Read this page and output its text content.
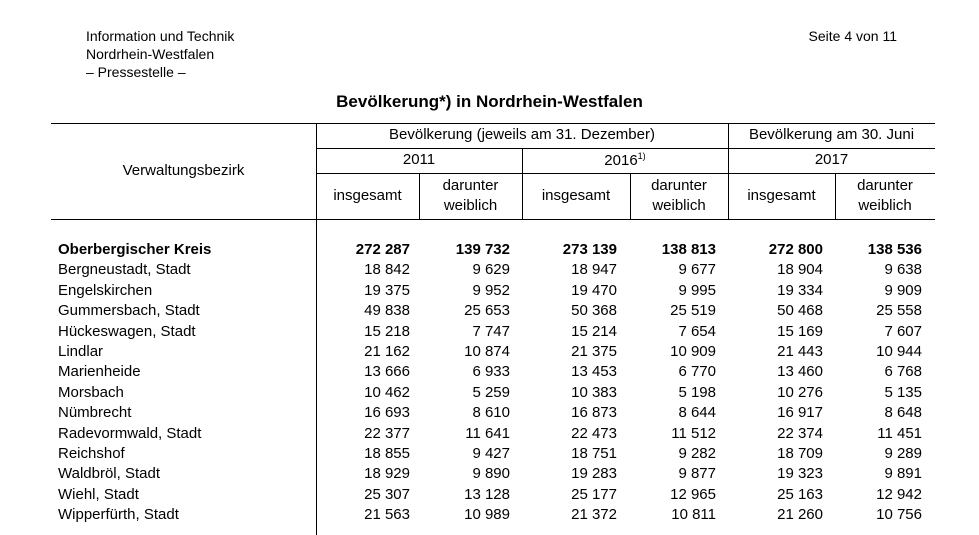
Information und Technik
Nordrhein-Westfalen
– Pressestelle –
Seite 4 von 11
Bevölkerung*) in Nordrhein-Westfalen
Verwaltungsbezirk
Bevölkerung (jeweils am 31. Dezember)	Bevölkerung am 30. Juni
2011	2016$^{1)}$	2017
insgesamt
darunter
weiblich
insgesamt
darunter
weiblich
insgesamt
darunter
weiblich
Oberbergischer Kreis	272 287	139 732	273 139	138 813	272 800	138 536
Bergneustadt, Stadt	18 842	9 629	18 947	9 677	18 904	9 638
Engelskirchen	19 375	9 952	19 470	9 995	19 334	9 909
Gummersbach, Stadt	49 838	25 653	50 368	25 519	50 468	25 558
Hückeswagen, Stadt	15 218	7 747	15 214	7 654	15 169	7 607
Lindlar	21 162	10 874	21 375	10 909	21 443	10 944
Marienheide	13 666	6 933	13 453	6 770	13 460	6 768
Morsbach	10 462	5 259	10 383	5 198	10 276	5 135
Nümbrecht	16 693	8 610	16 873	8 644	16 917	8 648
Radevormwald, Stadt	22 377	11 641	22 473	11 512	22 374	11 451
Reichshof	18 855	9 427	18 751	9 282	18 709	9 289
Waldbröl, Stadt	18 929	9 890	19 283	9 877	19 323	9 891
Wiehl, Stadt	25 307	13 128	25 177	12 965	25 163	12 942
Wipperfürth, Stadt	21 563	10 989	21 372	10 811	21 260	10 756
